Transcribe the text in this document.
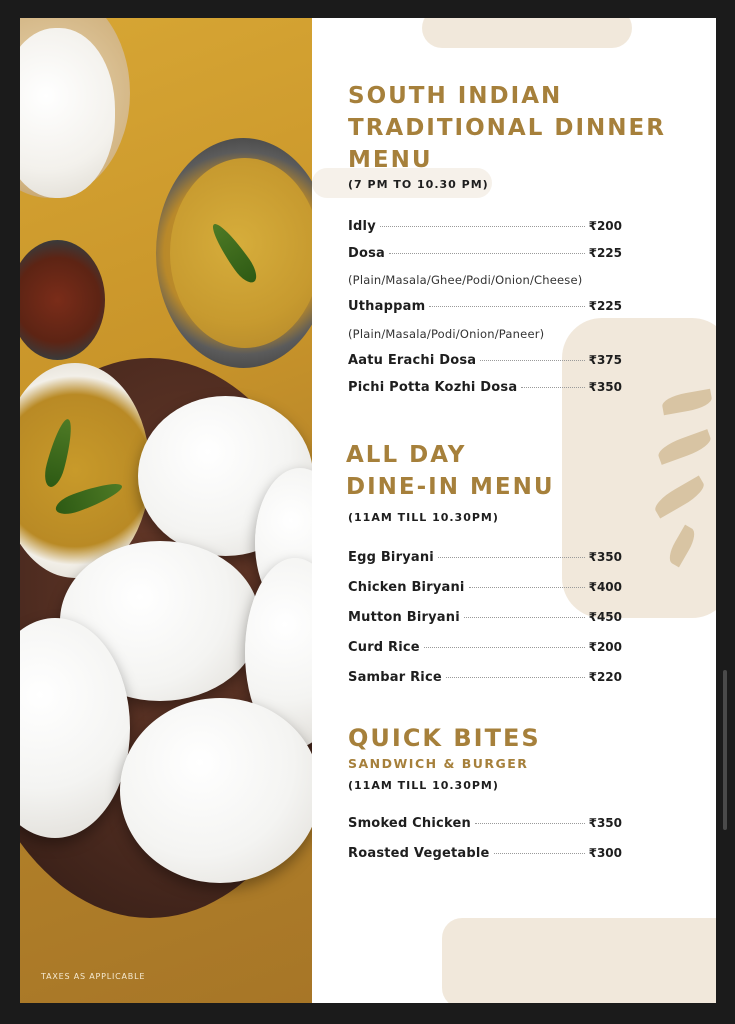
TAXES AS APPLICABLE

SOUTH INDIAN
TRADITIONAL DINNER
MENU

(7 PM TO 10.30 PM)

Idly	₹200
Dosa	₹225

(Plain/Masala/Ghee/Podi/Onion/Cheese)

Uthappam	₹225

(Plain/Masala/Podi/Onion/Paneer)

Aatu Erachi Dosa	₹375
Pichi Potta Kozhi Dosa	₹350
ALL DAY
DINE-IN MENU

(11AM TILL 10.30PM)

Egg Biryani	₹350
Chicken Biryani	₹400
Mutton Biryani	₹450
Curd Rice	₹200
Sambar Rice	₹220
QUICK BITES

SANDWICH & BURGER

(11AM TILL 10.30PM)

Smoked Chicken	₹350
Roasted Vegetable	₹300
